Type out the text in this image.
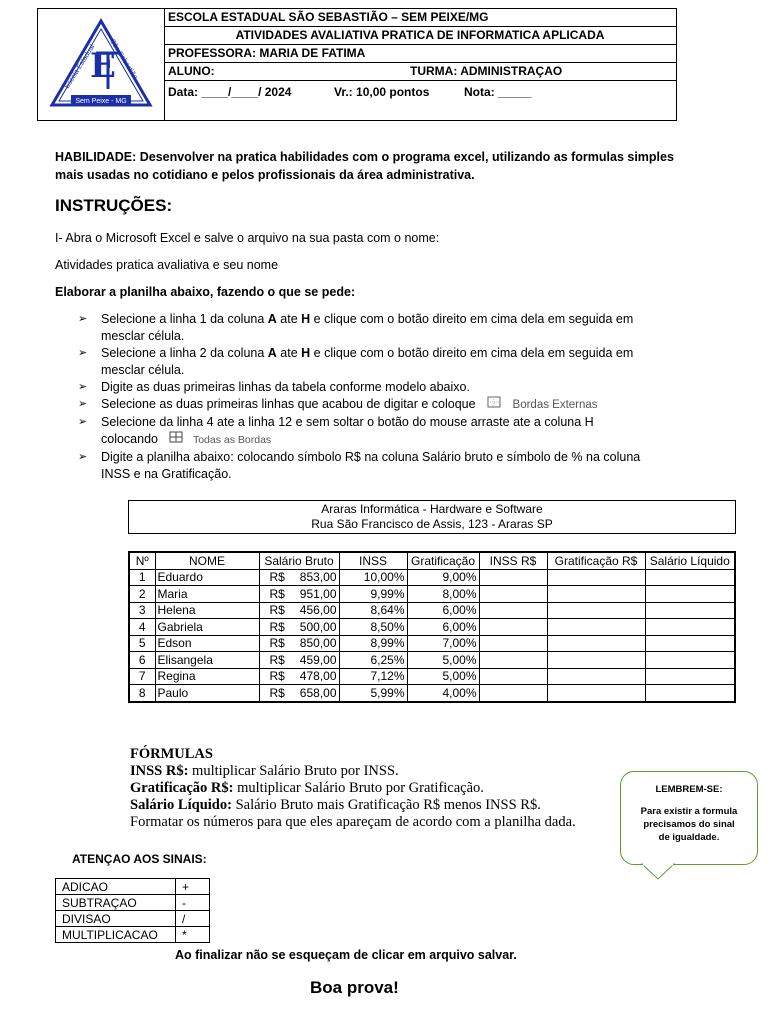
E
Escola Estadual São Sebastião
Sem Peixe - MG
ESCOLA ESTADUAL SÃO SEBASTIÃO – SEM PEIXE/MG
ATIVIDADES AVALIATIVA PRATICA DE INFORMATICA APLICADA
PROFESSORA: MARIA DE FATIMA
ALUNO:	TURMA: ADMINISTRAÇAO
Data: ____/____/ 2024	Vr.: 10,00 pontos	Nota: _____
HABILIDADE: Desenvolver na pratica habilidades com o programa excel, utilizando as formulas simples
mais usadas no cotidiano e pelos profissionais da área administrativa.
INSTRUÇÕES:
I- Abra o Microsoft Excel e salve o arquivo na sua pasta com o nome:
Atividades pratica avaliativa e seu nome
Elaborar a planilha abaixo, fazendo o que se pede:
➢ Selecione a linha 1 da coluna A ate H e clique com o botão direito em cima dela em seguida em
mesclar célula.
➢ Selecione a linha 2 da coluna A ate H e clique com o botão direito em cima dela em seguida em
mesclar célula.
➢ Digite as duas primeiras linhas da tabela conforme modelo abaixo.
➢ Selecione as duas primeiras linhas que acabou de digitar e coloque	Bordas Externas
➢ Selecione da linha 4 ate a linha 12 e sem soltar o botão do mouse arraste ate a coluna H
colocando	Todas as Bordas
➢ Digite a planilha abaixo: colocando símbolo R$ na coluna Salário bruto e símbolo de % na coluna
INSS e na Gratificação.
Araras Informática - Hardware e Software
Rua São Francisco de Assis, 123 - Araras SP
Nº	NOME	Salário Bruto	INSS	Gratificação	INSS R$	Gratificação R$	Salário Líquido
1	Eduardo	R$ 853,00	10,00%	9,00%			
2	Maria	R$ 951,00	9,99%	8,00%			
3	Helena	R$ 456,00	8,64%	6,00%			
4	Gabriela	R$ 500,00	8,50%	6,00%			
5	Edson	R$ 850,00	8,99%	7,00%			
6	Elisangela	R$ 459,00	6,25%	5,00%			
7	Regina	R$ 478,00	7,12%	5,00%			
8	Paulo	R$ 658,00	5,99%	4,00%			
FÓRMULAS
INSS R$: multiplicar Salário Bruto por INSS.
Gratificação R$: multiplicar Salário Bruto por Gratificação.
Salário Líquido: Salário Bruto mais Gratificação R$ menos INSS R$.
Formatar os números para que eles apareçam de acordo com a planilha dada.
LEMBREM-SE:
Para existir a formula
precisamos do sinal
de igualdade.
ATENÇAO AOS SINAIS:
ADICAO	+
SUBTRAÇAO	-
DIVISAO	/
MULTIPLICACAO	*
Ao finalizar não se esqueçam de clicar em arquivo salvar.
Boa prova!
